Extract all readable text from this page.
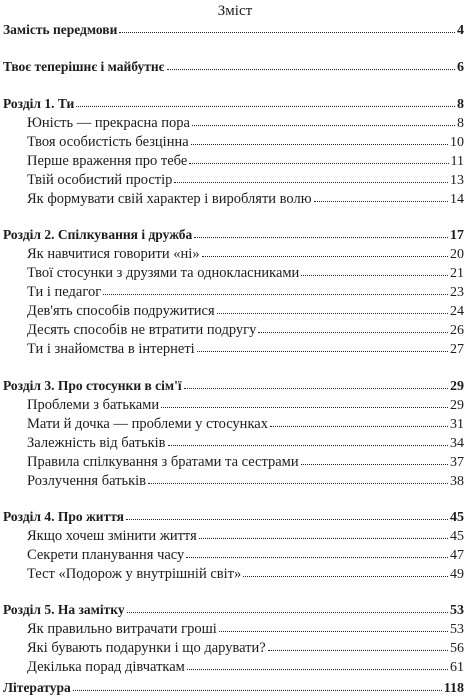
Зміст
Замість передмови	4
Твоє теперішнє і майбутнє	6
Розділ 1. Ти	8
Юність — прекрасна пора	8
Твоя особистість безцінна	10
Перше враження про тебе	11
Твій особистий простір	13
Як формувати свій характер і виробляти волю	14
Розділ 2. Спілкування і дружба	17
Як навчитися говорити «ні»	20
Твої стосунки з друзями та однокласниками	21
Ти і педагог	23
Дев'ять способів подружитися	24
Десять способів не втратити подругу	26
Ти і знайомства в інтернеті	27
Розділ 3. Про стосунки в сім'ї	29
Проблеми з батьками	29
Мати й дочка — проблеми у стосунках	31
Залежність від батьків	34
Правила спілкування з братами та сестрами	37
Розлучення батьків	38
Розділ 4. Про життя	45
Якщо хочеш змінити життя	45
Секрети планування часу	47
Тест «Подорож у внутрішній світ»	49
Розділ 5. На замітку	53
Як правильно витрачати гроші	53
Які бувають подарунки і що дарувати?	56
Декілька порад дівчаткам	61
Література	118
